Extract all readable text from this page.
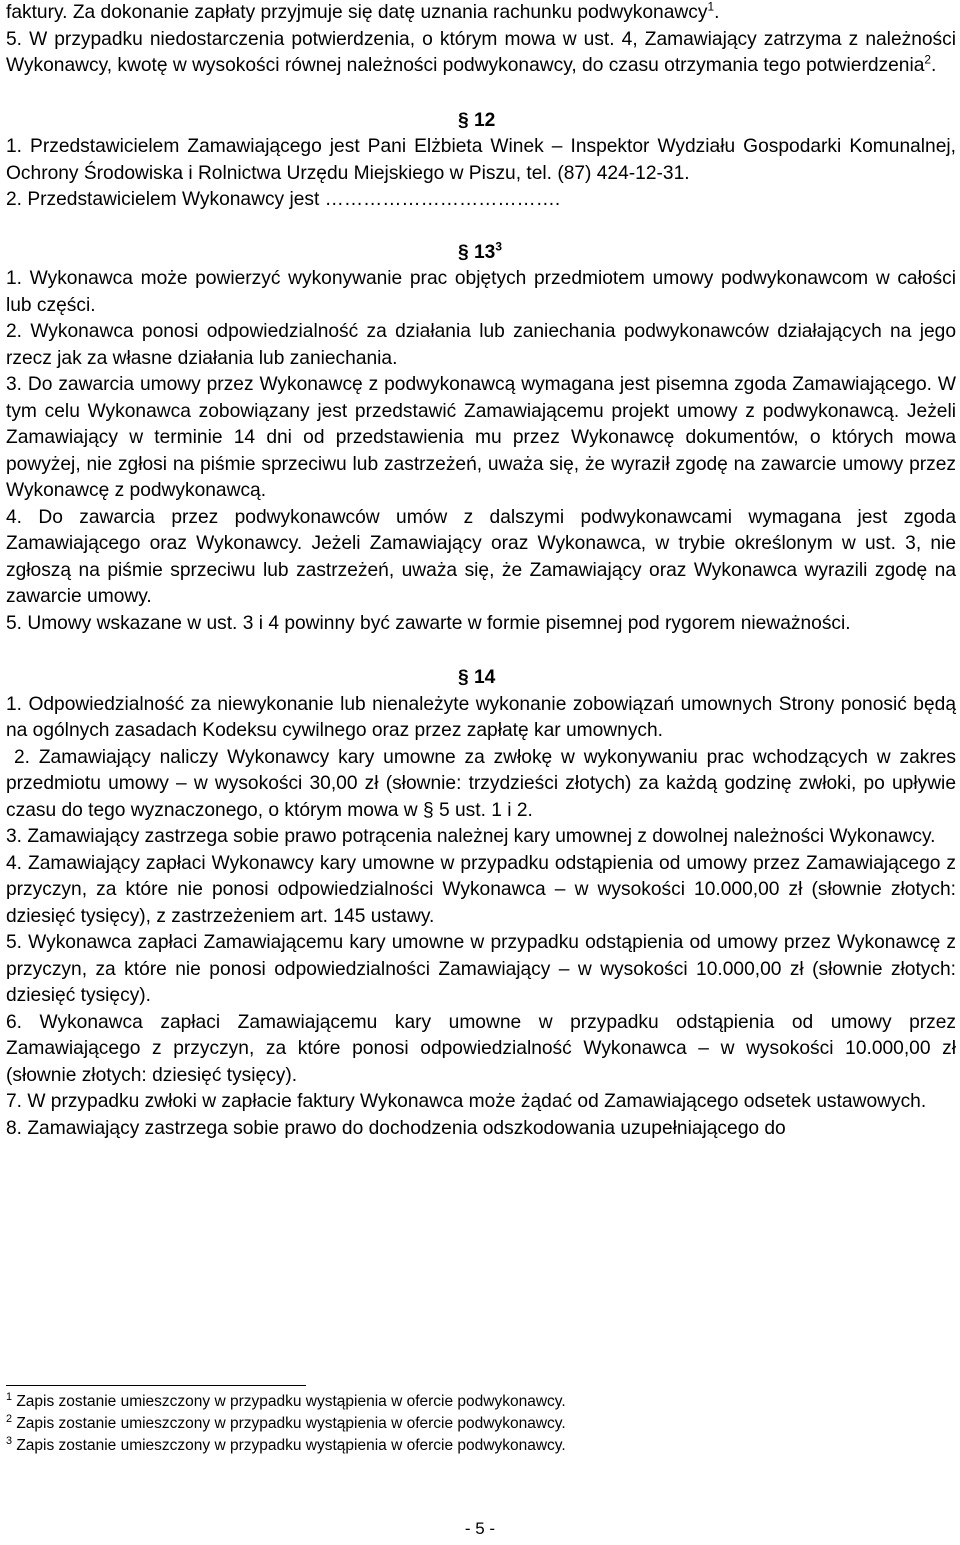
faktury. Za dokonanie zapłaty przyjmuje się datę uznania rachunku podwykonawcy$^1$.

5. W przypadku niedostarczenia potwierdzenia, o którym mowa w ust. 4, Zamawiający zatrzyma z należności Wykonawcy, kwotę w wysokości równej należności podwykonawcy, do czasu otrzymania tego potwierdzenia$^2$.

§ 12

1. Przedstawicielem Zamawiającego jest Pani Elżbieta Winek – Inspektor Wydziału Gospodarki Komunalnej, Ochrony Środowiska i Rolnictwa Urzędu Miejskiego w Piszu, tel. (87) 424-12-31.

2. Przedstawicielem Wykonawcy jest ……………………………….

§ $13^3$

1. Wykonawca może powierzyć wykonywanie prac objętych przedmiotem umowy podwykonawcom w całości lub części.

2. Wykonawca ponosi odpowiedzialność za działania lub zaniechania podwykonawców działających na jego rzecz jak za własne działania lub zaniechania.

3. Do zawarcia umowy przez Wykonawcę z podwykonawcą wymagana jest pisemna zgoda Zamawiającego. W tym celu Wykonawca zobowiązany jest przedstawić Zamawiającemu projekt umowy z podwykonawcą. Jeżeli Zamawiający w terminie 14 dni od przedstawienia mu przez Wykonawcę dokumentów, o których mowa powyżej, nie zgłosi na piśmie sprzeciwu lub zastrzeżeń, uważa się, że wyraził zgodę na zawarcie umowy przez Wykonawcę z podwykonawcą.

4. Do zawarcia przez podwykonawców umów z dalszymi podwykonawcami wymagana jest zgoda Zamawiającego oraz Wykonawcy. Jeżeli Zamawiający oraz Wykonawca, w trybie określonym w ust. 3, nie zgłoszą na piśmie sprzeciwu lub zastrzeżeń, uważa się, że Zamawiający oraz Wykonawca wyrazili zgodę na zawarcie umowy.

5. Umowy wskazane w ust. 3 i 4 powinny być zawarte w formie pisemnej pod rygorem nieważności.

§ 14

1. Odpowiedzialność za niewykonanie lub nienależyte wykonanie zobowiązań umownych Strony ponosić będą na ogólnych zasadach Kodeksu cywilnego oraz przez zapłatę kar umownych.

2. Zamawiający naliczy Wykonawcy kary umowne za zwłokę w wykonywaniu prac wchodzących w zakres przedmiotu umowy – w wysokości 30,00 zł (słownie: trzydzieści złotych) za każdą godzinę zwłoki, po upływie czasu do tego wyznaczonego, o którym mowa w § 5 ust. 1 i 2.

3. Zamawiający zastrzega sobie prawo potrącenia należnej kary umownej z dowolnej należności Wykonawcy.

4. Zamawiający zapłaci Wykonawcy kary umowne w przypadku odstąpienia od umowy przez Zamawiającego z przyczyn, za które nie ponosi odpowiedzialności Wykonawca – w wysokości 10.000,00 zł (słownie złotych: dziesięć tysięcy), z zastrzeżeniem art. 145 ustawy.

5. Wykonawca zapłaci Zamawiającemu kary umowne w przypadku odstąpienia od umowy przez Wykonawcę z przyczyn, za które nie ponosi odpowiedzialności Zamawiający – w wysokości 10.000,00 zł (słownie złotych: dziesięć tysięcy).

6. Wykonawca zapłaci Zamawiającemu kary umowne w przypadku odstąpienia od umowy przez Zamawiającego z przyczyn, za które ponosi odpowiedzialność Wykonawca – w wysokości 10.000,00 zł (słownie złotych: dziesięć tysięcy).

7. W przypadku zwłoki w zapłacie faktury Wykonawca może żądać od Zamawiającego odsetek ustawowych.

8. Zamawiający zastrzega sobie prawo do dochodzenia odszkodowania uzupełniającego do

$^1$ Zapis zostanie umieszczony w przypadku wystąpienia w ofercie podwykonawcy.

$^2$ Zapis zostanie umieszczony w przypadku wystąpienia w ofercie podwykonawcy.

$^3$ Zapis zostanie umieszczony w przypadku wystąpienia w ofercie podwykonawcy.

- 5 -
